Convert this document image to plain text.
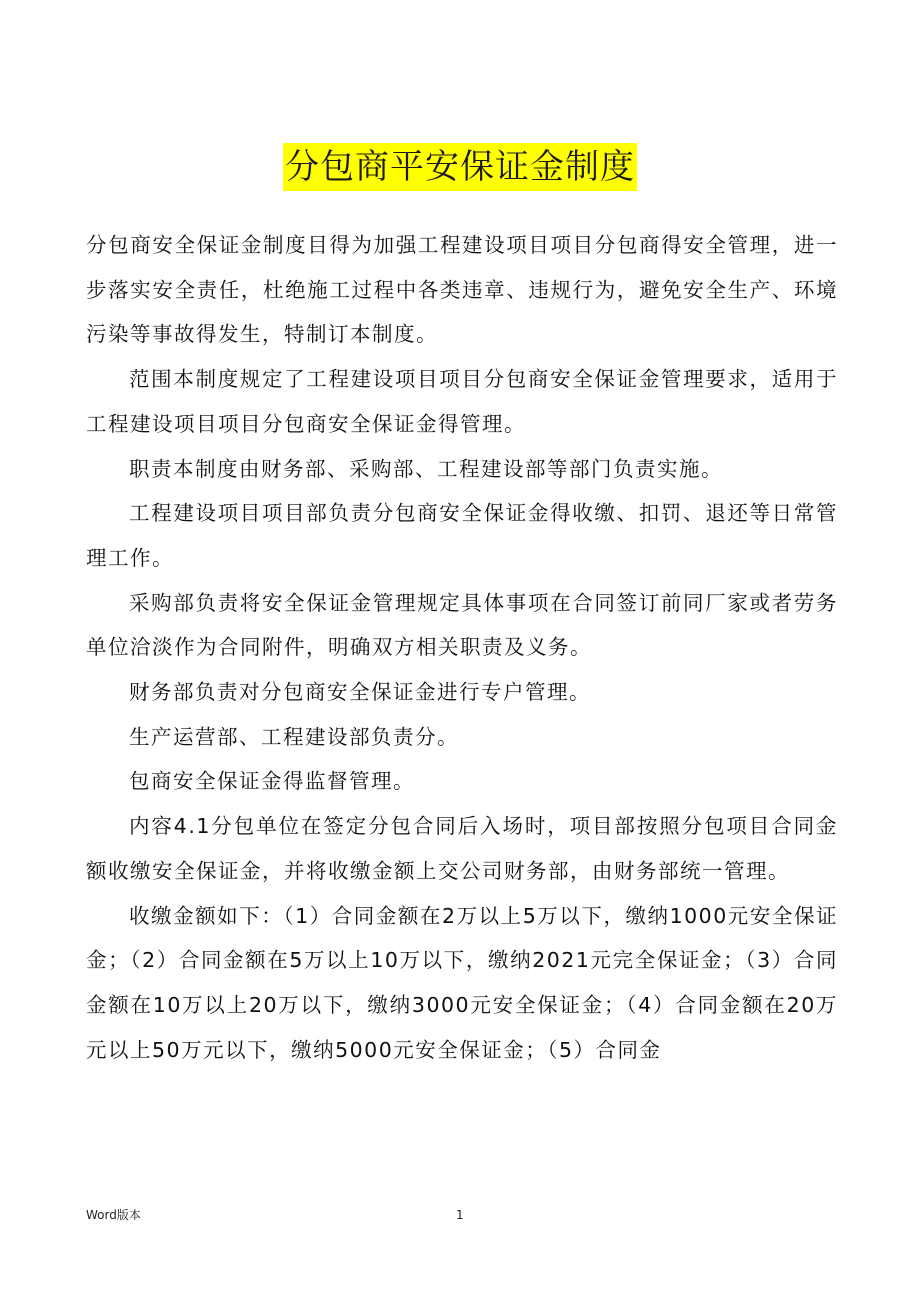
分包商平安保证金制度

分包商安全保证金制度目得为加强工程建设项目项目分包商得安全管理，进一步落实安全责任，杜绝施工过程中各类违章、违规行为，避免安全生产、环境污染等事故得发生，特制订本制度。

范围本制度规定了工程建设项目项目分包商安全保证金管理要求，适用于工程建设项目项目分包商安全保证金得管理。

职责本制度由财务部、采购部、工程建设部等部门负责实施。

工程建设项目项目部负责分包商安全保证金得收缴、扣罚、退还等日常管理工作。

采购部负责将安全保证金管理规定具体事项在合同签订前同厂家或者劳务单位洽淡作为合同附件，明确双方相关职责及义务。

财务部负责对分包商安全保证金进行专户管理。

生产运营部、工程建设部负责分。

包商安全保证金得监督管理。

内容4.1分包单位在签定分包合同后入场时，项目部按照分包项目合同金额收缴安全保证金，并将收缴金额上交公司财务部，由财务部统一管理。

收缴金额如下：（1）合同金额在2万以上5万以下，缴纳1000元安全保证金；（2）合同金额在5万以上10万以下，缴纳2021元完全保证金；（3）合同金额在10万以上20万以下，缴纳3000元安全保证金；（4）合同金额在20万元以上50万元以下，缴纳5000元安全保证金；（5）合同金

Word版本	1
